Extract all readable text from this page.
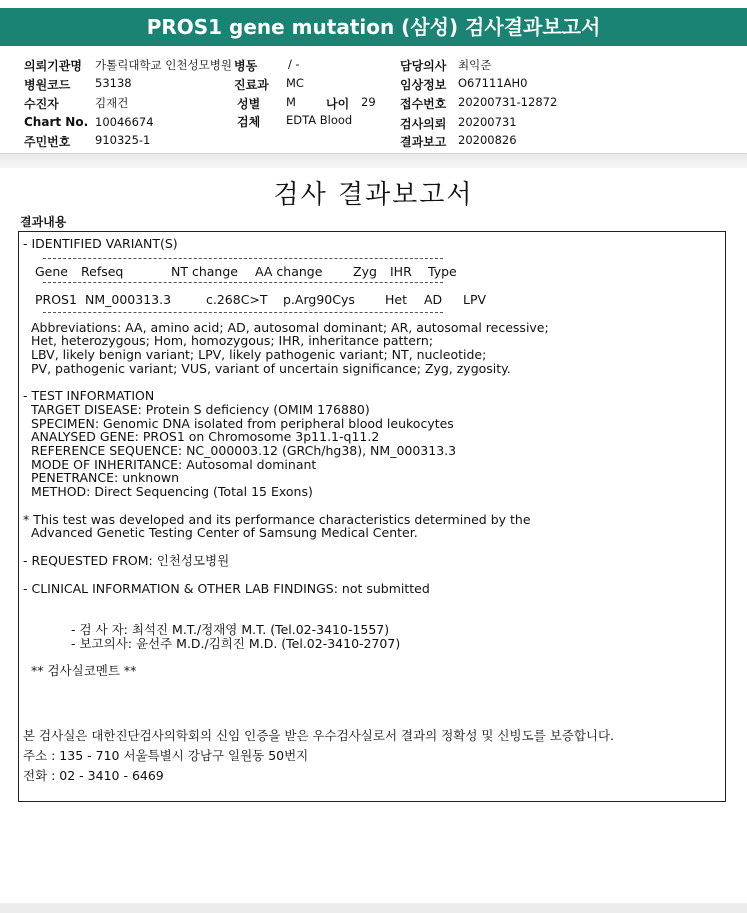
PROS1 gene mutation (삼성) 검사결과보고서
의뢰기관명 가톨릭대학교 인천성모병원 병동	/ -	담당의사 최익준
병원코드 53138	진료과 MC	임상정보 O67111AH0
수진자	김재건	성별 M	나이 29 접수번호 20200731-12872
Chart No. 10046674	검체 EDTA Blood	검사의뢰 20200731
주민번호 910325-1	결과보고 20200826
검사 결과보고서
결과내용
- IDENTIFIED VARIANT(S)
Gene Refseq	NT change AA change Zyg IHR Type
PROS1 NM_000313.3	c.268C>T p.Arg90Cys Het AD LPV
Abbreviations: AA, amino acid; AD, autosomal dominant; AR, autosomal recessive;
Het, heterozygous; Hom, homozygous; IHR, inheritance pattern;
LBV, likely benign variant; LPV, likely pathogenic variant; NT, nucleotide;
PV, pathogenic variant; VUS, variant of uncertain significance; Zyg, zygosity.
- TEST INFORMATION
TARGET DISEASE: Protein S deficiency (OMIM 176880)
SPECIMEN: Genomic DNA isolated from peripheral blood leukocytes
ANALYSED GENE: PROS1 on Chromosome 3p11.1-q11.2
REFERENCE SEQUENCE: NC_000003.12 (GRCh/hg38), NM_000313.3
MODE OF INHERITANCE: Autosomal dominant
PENETRANCE: unknown
METHOD: Direct Sequencing (Total 15 Exons)
* This test was developed and its performance characteristics determined by the
Advanced Genetic Testing Center of Samsung Medical Center.
- REQUESTED FROM: 인천성모병원
- CLINICAL INFORMATION & OTHER LAB FINDINGS: not submitted
- 검 사 자: 최석진 M.T./정재영 M.T. (Tel.02-3410-1557)
- 보고의사: 윤선주 M.D./김희진 M.D. (Tel.02-3410-2707)
** 검사실코멘트 **
본 검사실은 대한진단검사의학회의 신임 인증을 받은 우수검사실로서 결과의 정확성 및 신빙도를 보증합니다.
주소 : 135 - 710 서울특별시 강남구 일원동 50번지
전화 : 02 - 3410 - 6469
